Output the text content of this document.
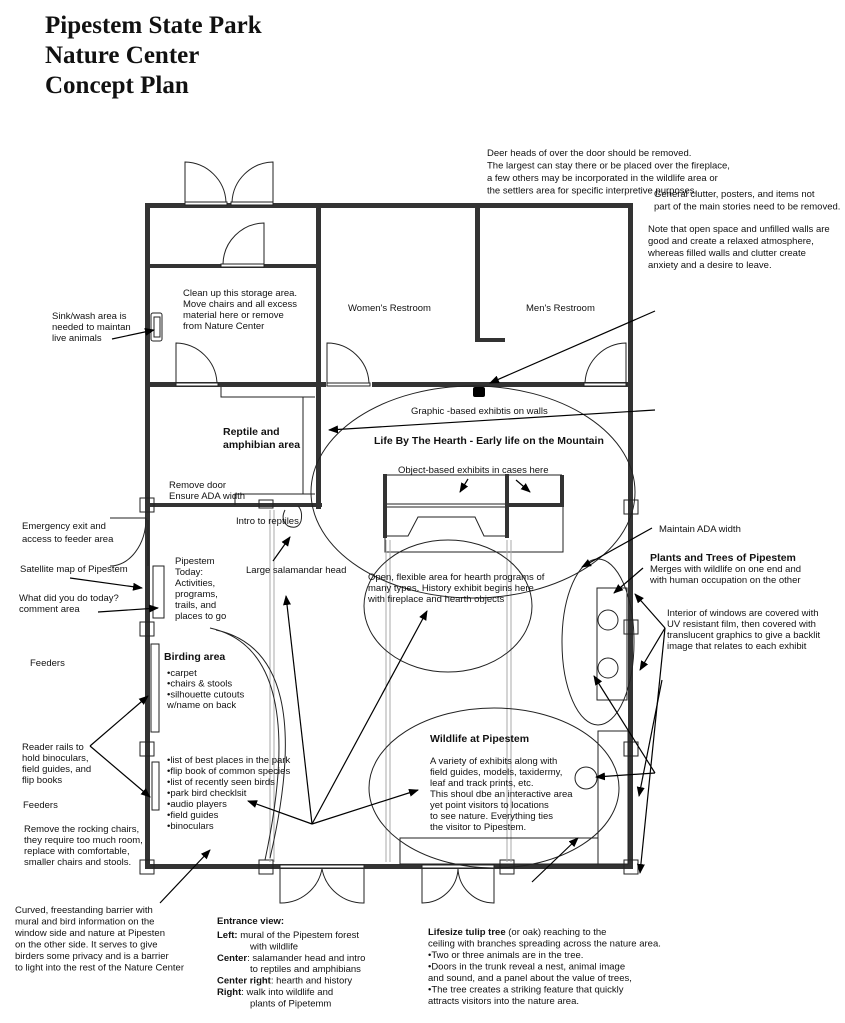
Pipestem State Park
Nature Center
Concept Plan
Deer heads of over the door should be removed.
The largest can stay there or be placed over the fireplace,
a few others may be incorporated in the wildlife area or
the settlers area for specific interpretive purposes.
General clutter, posters, and items not
part of the main stories need to be removed.
Note that open space and unfilled walls are
good and create a relaxed atmosphere,
whereas filled walls and clutter create
anxiety and a desire to leave.
Sink/wash area is
needed to maintan
live animals
Clean up this storage area.
Move chairs and all excess
material here or remove
from Nature Center
Women's Restroom	Men's Restroom
Graphic -based exhibtis on walls
Reptile and
amphibian area	Life By The Hearth - Early life on the Mountain
Object-based exhibits in cases here
Remove door
Ensure ADA width
Intro to reptiles
Emergency exit and
access to feeder area
Maintain ADA width
Plants and Trees of Pipestem
Merges with wildlife on one end and
with human occupation on the other
Satellite map of Pipestem	Large salamandar head
What did you do today?
comment area
Pipestem
Today:
Activities,
programs,
trails, and
places to go
Open, flexible area for hearth programs of
many types. History exhibit begins here
with fireplace and hearth objects
Interior of windows are covered with
UV resistant film, then covered with
translucent graphics to give a backlit
image that relates to each exhibit
Feeders
Birding area
•carpet
•chairs & stools
•silhouette cutouts
w/name on back
Reader rails to
hold binoculars,
field guides, and
flip books
•list of best places in the park
•flip book of common species
•list of recently seen birds
•park bird checklsit
•audio players
•field guides
•binoculars
Wildlife at Pipestem
A variety of exhibits along with
field guides, models, taxidermy,
leaf and track prints, etc.
This shoul dbe an interactive area
yet point visitors to locations
to see nature. Everything ties
the visitor to Pipestem.
Feeders
Remove the rocking chairs,
they require too much room,
replace with comfortable,
smaller chairs and stools.
Curved, freestanding barrier with
mural and bird information on the
window side and nature at Pipesten
on the other side. It serves to give
birders some privacy and is a barrier
to light into the rest of the Nature Center
Entrance view:
Left: mural of the Pipestem forest
with wildlife
Center: salamander head and intro
to reptiles and amphibians
Center right: hearth and history
Right: walk into wildlife and
plants of Pipetemm
Lifesize tulip tree (or oak) reaching to the
ceiling with branches spreading across the nature area.
•Two or three animals are in the tree.
•Doors in the trunk reveal a nest, animal image
and sound, and a panel about the value of trees,
•The tree creates a striking feature that quickly
attracts visitors into the nature area.
